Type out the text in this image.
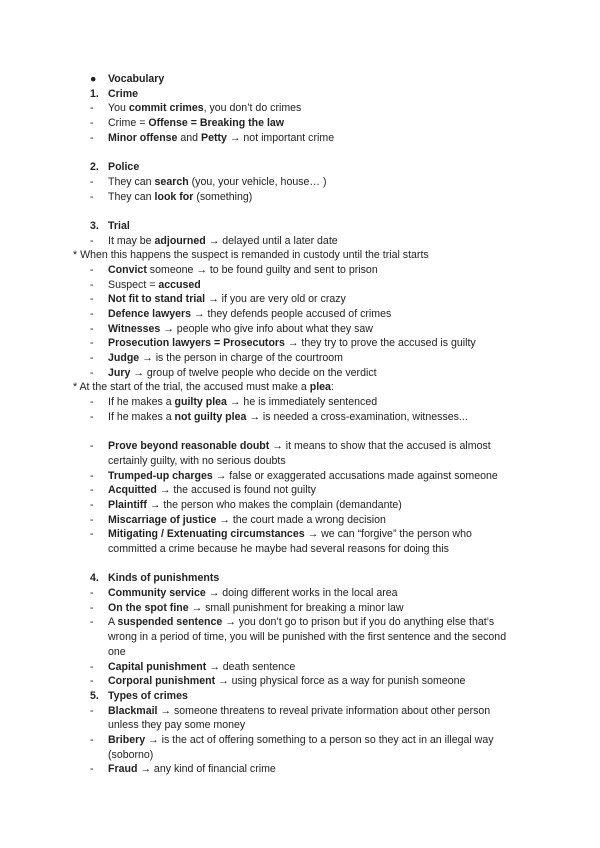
● Vocabulary
1. Crime
- You commit crimes, you don’t do crimes
- Crime = Offense = Breaking the law
- Minor offense and Petty → not important crime
2. Police
- They can search (you, your vehicle, house… )
- They can look for (something)
3. Trial
- It may be adjourned → delayed until a later date
* When this happens the suspect is remanded in custody until the trial starts
- Convict someone → to be found guilty and sent to prison
- Suspect = accused
- Not fit to stand trial → if you are very old or crazy
- Defence lawyers → they defends people accused of crimes
- Witnesses → people who give info about what they saw
- Prosecution lawyers = Prosecutors → they try to prove the accused is guilty
- Judge → is the person in charge of the courtroom
- Jury → group of twelve people who decide on the verdict
* At the start of the trial, the accused must make a plea:
- If he makes a guilty plea → he is immediately sentenced
- If he makes a not guilty plea → is needed a cross-examination, witnesses...
- Prove beyond reasonable doubt → it means to show that the accused is almost
certainly guilty, with no serious doubts
- Trumped-up charges → false or exaggerated accusations made against someone
- Acquitted → the accused is found not guilty
- Plaintiff → the person who makes the complain (demandante)
- Miscarriage of justice → the court made a wrong decision
- Mitigating / Extenuating circumstances → we can “forgive” the person who
committed a crime because he maybe had several reasons for doing this
4. Kinds of punishments
- Community service → doing different works in the local area
- On the spot fine → small punishment for breaking a minor law
- A suspended sentence → you don’t go to prison but if you do anything else that’s
wrong in a period of time, you will be punished with the first sentence and the second
one
- Capital punishment → death sentence
- Corporal punishment → using physical force as a way for punish someone
5. Types of crimes
- Blackmail → someone threatens to reveal private information about other person
unless they pay some money
- Bribery → is the act of offering something to a person so they act in an illegal way
(soborno)
- Fraud → any kind of financial crime
